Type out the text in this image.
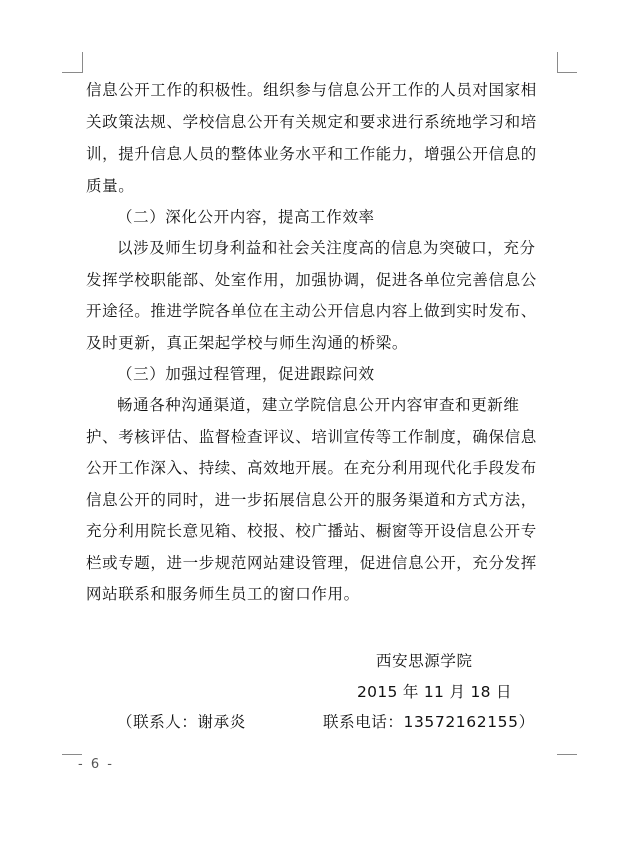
信息公开工作的积极性。组织参与信息公开工作的人员对国家相
关政策法规、学校信息公开有关规定和要求进行系统地学习和培
训，提升信息人员的整体业务水平和工作能力，增强公开信息的
质量。
（二）深化公开内容，提高工作效率
以涉及师生切身利益和社会关注度高的信息为突破口，充分
发挥学校职能部、处室作用，加强协调，促进各单位完善信息公
开途径。推进学院各单位在主动公开信息内容上做到实时发布、
及时更新，真正架起学校与师生沟通的桥梁。
（三）加强过程管理，促进跟踪问效
畅通各种沟通渠道，建立学院信息公开内容审查和更新维
护、考核评估、监督检查评议、培训宣传等工作制度，确保信息
公开工作深入、持续、高效地开展。在充分利用现代化手段发布
信息公开的同时，进一步拓展信息公开的服务渠道和方式方法，
充分利用院长意见箱、校报、校广播站、橱窗等开设信息公开专
栏或专题，进一步规范网站建设管理，促进信息公开，充分发挥
网站联系和服务师生员工的窗口作用。
西安思源学院
2015 年 11 月 18 日
（联系人：谢承炎	联系电话：13572162155）
- 6 -
